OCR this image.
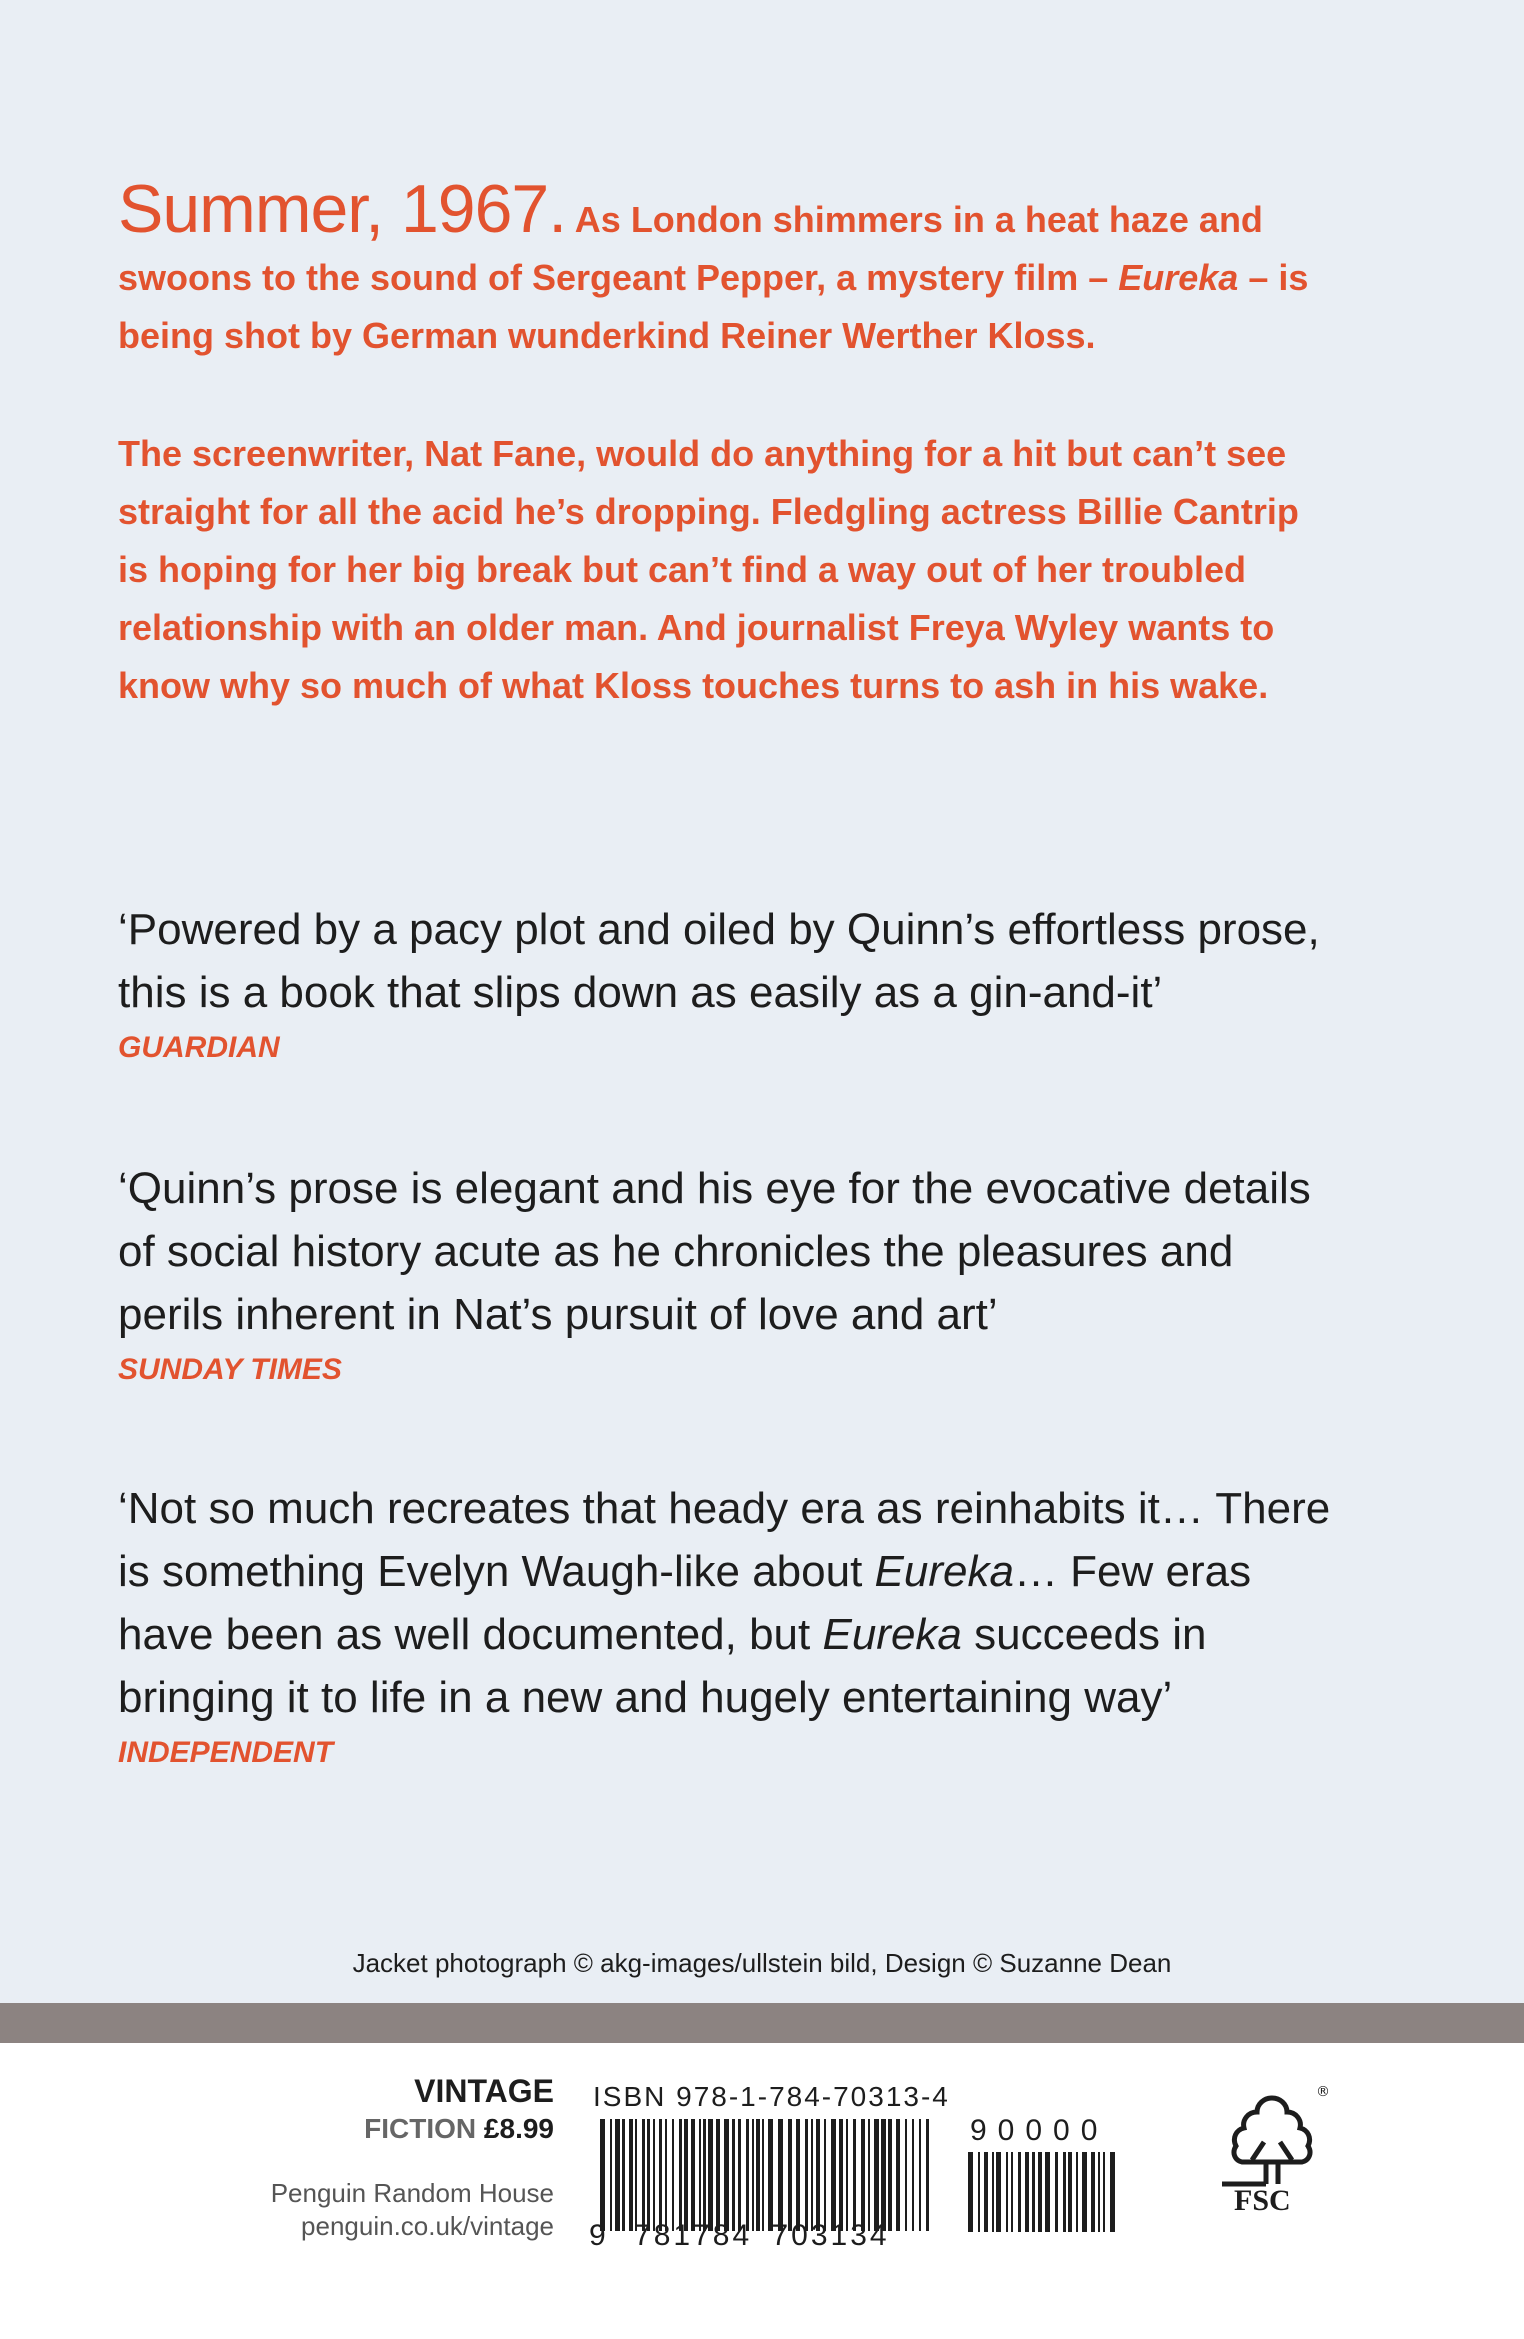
Summer, 1967. As London shimmers in a heat haze and swoons to the sound of Sergeant Pepper, a mystery film – Eureka – is being shot by German wunderkind Reiner Werther Kloss.

The screenwriter, Nat Fane, would do anything for a hit but can’t see straight for all the acid he’s dropping. Fledgling actress Billie Cantrip is hoping for her big break but can’t find a way out of her troubled relationship with an older man. And journalist Freya Wyley wants to know why so much of what Kloss touches turns to ash in his wake.

‘Powered by a pacy plot and oiled by Quinn’s effortless prose, this is a book that slips down as easily as a gin-and-it’

GUARDIAN

‘Quinn’s prose is elegant and his eye for the evocative details of social history acute as he chronicles the pleasures and perils inherent in Nat’s pursuit of love and art’

SUNDAY TIMES

‘Not so much recreates that heady era as reinhabits it… There is something Evelyn Waugh-like about Eureka… Few eras have been as well documented, but Eureka succeeds in bringing it to life in a new and hugely entertaining way’

INDEPENDENT
Jacket photograph © akg-images/ullstein bild, Design © Suzanne Dean
VINTAGE
FICTION £8.99
Penguin Random House
penguin.co.uk/vintage
ISBN 978-1-784-70313-4
9 781784 703134
90000
®
FSC
